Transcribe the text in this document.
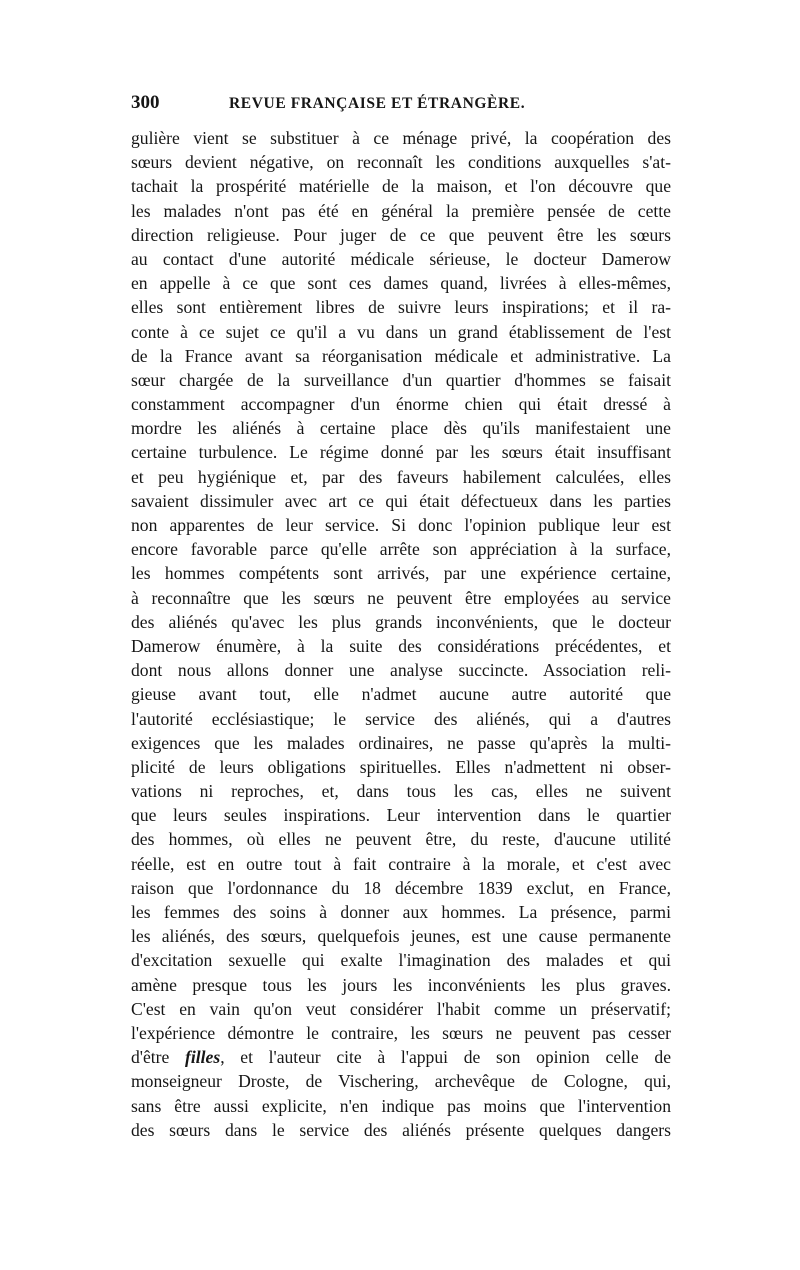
300	REVUE FRANÇAISE ET ÉTRANGÈRE.
gulière vient se substituer à ce ménage privé, la coopération des
sœurs devient négative, on reconnaît les conditions auxquelles s'at-
tachait la prospérité matérielle de la maison, et l'on découvre que
les malades n'ont pas été en général la première pensée de cette
direction religieuse. Pour juger de ce que peuvent être les sœurs
au contact d'une autorité médicale sérieuse, le docteur Damerow
en appelle à ce que sont ces dames quand, livrées à elles-mêmes,
elles sont entièrement libres de suivre leurs inspirations; et il ra-
conte à ce sujet ce qu'il a vu dans un grand établissement de l'est
de la France avant sa réorganisation médicale et administrative. La
sœur chargée de la surveillance d'un quartier d'hommes se faisait
constamment accompagner d'un énorme chien qui était dressé à
mordre les aliénés à certaine place dès qu'ils manifestaient une
certaine turbulence. Le régime donné par les sœurs était insuffisant
et peu hygiénique et, par des faveurs habilement calculées, elles
savaient dissimuler avec art ce qui était défectueux dans les parties
non apparentes de leur service. Si donc l'opinion publique leur est
encore favorable parce qu'elle arrête son appréciation à la surface,
les hommes compétents sont arrivés, par une expérience certaine,
à reconnaître que les sœurs ne peuvent être employées au service
des aliénés qu'avec les plus grands inconvénients, que le docteur
Damerow énumère, à la suite des considérations précédentes, et
dont nous allons donner une analyse succincte. Association reli-
gieuse avant tout, elle n'admet aucune autre autorité que
l'autorité ecclésiastique; le service des aliénés, qui a d'autres
exigences que les malades ordinaires, ne passe qu'après la multi-
plicité de leurs obligations spirituelles. Elles n'admettent ni obser-
vations ni reproches, et, dans tous les cas, elles ne suivent
que leurs seules inspirations. Leur intervention dans le quartier
des hommes, où elles ne peuvent être, du reste, d'aucune utilité
réelle, est en outre tout à fait contraire à la morale, et c'est avec
raison que l'ordonnance du 18 décembre 1839 exclut, en France,
les femmes des soins à donner aux hommes. La présence, parmi
les aliénés, des sœurs, quelquefois jeunes, est une cause permanente
d'excitation sexuelle qui exalte l'imagination des malades et qui
amène presque tous les jours les inconvénients les plus graves.
C'est en vain qu'on veut considérer l'habit comme un préservatif;
l'expérience démontre le contraire, les sœurs ne peuvent pas cesser
d'être filles, et l'auteur cite à l'appui de son opinion celle de
monseigneur Droste, de Vischering, archevêque de Cologne, qui,
sans être aussi explicite, n'en indique pas moins que l'intervention
des sœurs dans le service des aliénés présente quelques dangers
